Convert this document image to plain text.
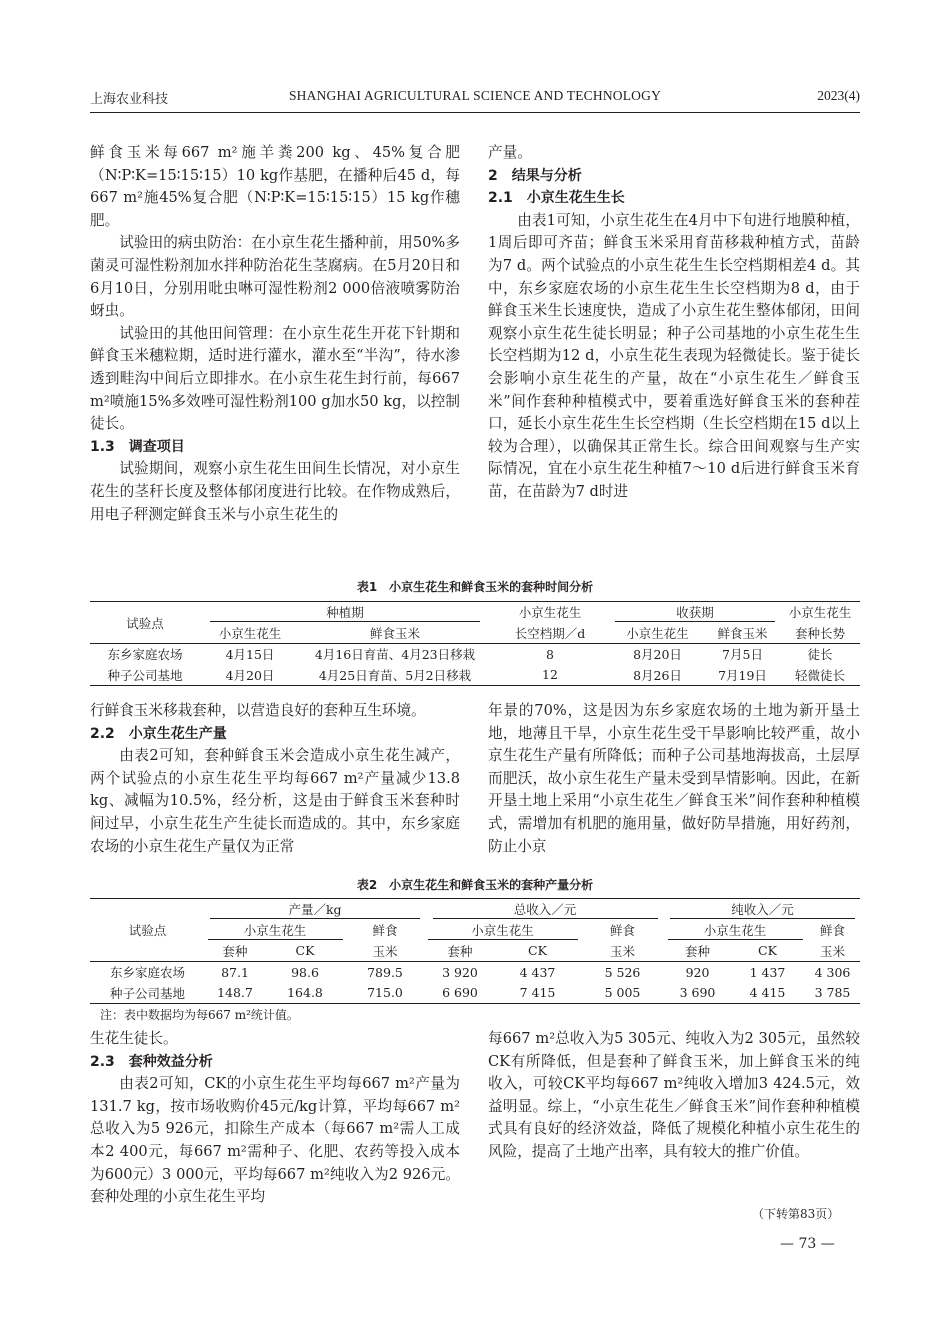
上海农业科技	SHANGHAI AGRICULTURAL SCIENCE AND TECHNOLOGY	2023(4)

鲜食玉米每667 m²施羊粪200 kg、45%复合肥（N∶P∶K=15∶15∶15）10 kg作基肥，在播种后45 d，每667 m²施45%复合肥（N∶P∶K=15∶15∶15）15 kg作穗肥。

试验田的病虫防治：在小京生花生播种前，用50%多菌灵可湿性粉剂加水拌种防治花生茎腐病。在5月20日和6月10日，分别用吡虫啉可湿性粉剂2 000倍液喷雾防治蚜虫。

试验田的其他田间管理：在小京生花生开花下针期和鲜食玉米穗粒期，适时进行灌水，灌水至“半沟”，待水渗透到畦沟中间后立即排水。在小京生花生封行前，每667 m²喷施15%多效唑可湿性粉剂100 g加水50 kg，以控制徒长。

1.3　调查项目

试验期间，观察小京生花生田间生长情况，对小京生花生的茎秆长度及整体郁闭度进行比较。在作物成熟后，用电子秤测定鲜食玉米与小京生花生的

产量。

2　结果与分析

2.1　小京生花生生长

由表1可知，小京生花生在4月中下旬进行地膜种植，1周后即可齐苗；鲜食玉米采用育苗移栽种植方式，苗龄为7 d。两个试验点的小京生花生生长空档期相差4 d。其中，东乡家庭农场的小京生花生生长空档期为8 d，由于鲜食玉米生长速度快，造成了小京生花生整体郁闭，田间观察小京生花生徒长明显；种子公司基地的小京生花生生长空档期为12 d，小京生花生表现为轻微徒长。鉴于徒长会影响小京生花生的产量，故在“小京生花生／鲜食玉米”间作套种种植模式中，要着重选好鲜食玉米的套种茬口，延长小京生花生生长空档期（生长空档期在15 d以上较为合理），以确保其正常生长。综合田间观察与生产实际情况，宜在小京生花生种植7～10 d后进行鲜食玉米育苗，在苗龄为7 d时进

表1　小京生花生和鲜食玉米的套种时间分析
试验点	种植期		小京生花生	收获期		小京生花生
	小京生花生	鲜食玉米	长空档期／d	小京生花生	鲜食玉米	套种长势
东乡家庭农场	4月15日	4月16日育苗、4月23日移栽	8	8月20日	7月5日	徒长
种子公司基地	4月20日	4月25日育苗、5月2日移栽	12	8月26日	7月19日	轻微徒长

行鲜食玉米移栽套种，以营造良好的套种互生环境。

2.2　小京生花生产量

由表2可知，套种鲜食玉米会造成小京生花生减产，两个试验点的小京生花生平均每667 m²产量减少13.8 kg、减幅为10.5%，经分析，这是由于鲜食玉米套种时间过早，小京生花生产生徒长而造成的。其中，东乡家庭农场的小京生花生产量仅为正常

年景的70%，这是因为东乡家庭农场的土地为新开垦土地，地薄且干旱，小京生花生受干旱影响比较严重，故小京生花生产量有所降低；而种子公司基地海拔高，土层厚而肥沃，故小京生花生产量未受到旱情影响。因此，在新开垦土地上采用“小京生花生／鲜食玉米”间作套种种植模式，需增加有机肥的施用量，做好防旱措施，用好药剂，防止小京

表2　小京生花生和鲜食玉米的套种产量分析
试验点	产量／kg			总收入／元			纯收入／元		
	小京生花生		鲜食	小京生花生		鲜食	小京生花生		鲜食
	套种	CK	玉米	套种	CK	玉米	套种	CK	玉米
东乡家庭农场	87.1	98.6	789.5	3 920	4 437	5 526	920	1 437	4 306
种子公司基地	148.7	164.8	715.0	6 690	7 415	5 005	3 690	4 415	3 785
注：表中数据均为每667 m²统计值。

生花生徒长。

2.3　套种效益分析

由表2可知，CK的小京生花生平均每667 m²产量为131.7 kg，按市场收购价45元/kg计算，平均每667 m²总收入为5 926元，扣除生产成本（每667 m²需人工成本2 400元，每667 m²需种子、化肥、农药等投入成本为600元）3 000元，平均每667 m²纯收入为2 926元。套种处理的小京生花生平均

每667 m²总收入为5 305元、纯收入为2 305元，虽然较CK有所降低，但是套种了鲜食玉米，加上鲜食玉米的纯收入，可较CK平均每667 m²纯收入增加3 424.5元，效益明显。综上，“小京生花生／鲜食玉米”间作套种种植模式具有良好的经济效益，降低了规模化种植小京生花生的风险，提高了土地产出率，具有较大的推广价值。

（下转第83页）
— 73 —
